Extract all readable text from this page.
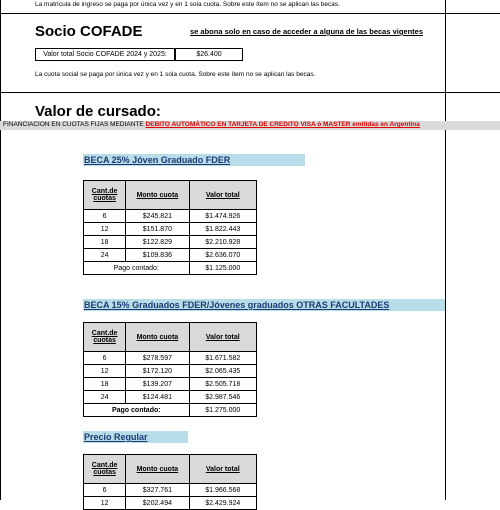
La matrícula de ingreso se paga por única vez y en 1 sola cuota. Sobre este ítem no se aplican las becas.
Socio COFADE	se abona solo en caso de acceder a alguna de las becas vigentes
Valor total Socio COFADE 2024 y 2025:	$26.400
La cuota social se paga por única vez y en 1 sola cuota. Sobre este ítem no se aplican las becas.
Valor de cursado:
FINANCIACION EN CUOTAS FIJAS MEDIANTE DEBITO AUTOMÁTICO EN TARJETA DE CREDITO VISA ó MASTER emitidas en Argentina
BECA 25% Jóven Graduado FDER
Cant.de cuotas	Monto cuota	Valor total
6	$245.821	$1.474.926
12	$151.870	$1.822.443
18	$122.829	$2.210.928
24	$109.836	$2.636.070
Pago contado:		$1.125.000
BECA 15% Graduados FDER/Jóvenes graduados OTRAS FACULTADES
Cant.de cuotas	Monto cuota	Valor total
6	$278.597	$1.671.582
12	$172.120	$2.065.435
18	$139.207	$2.505.718
24	$124.481	$2.987.546
Pago contado:		$1.275.000
Precio Regular
Cant.de cuotas	Monto cuota	Valor total
6	$327.761	$1.966.568
12	$202.494	$2.429.924
